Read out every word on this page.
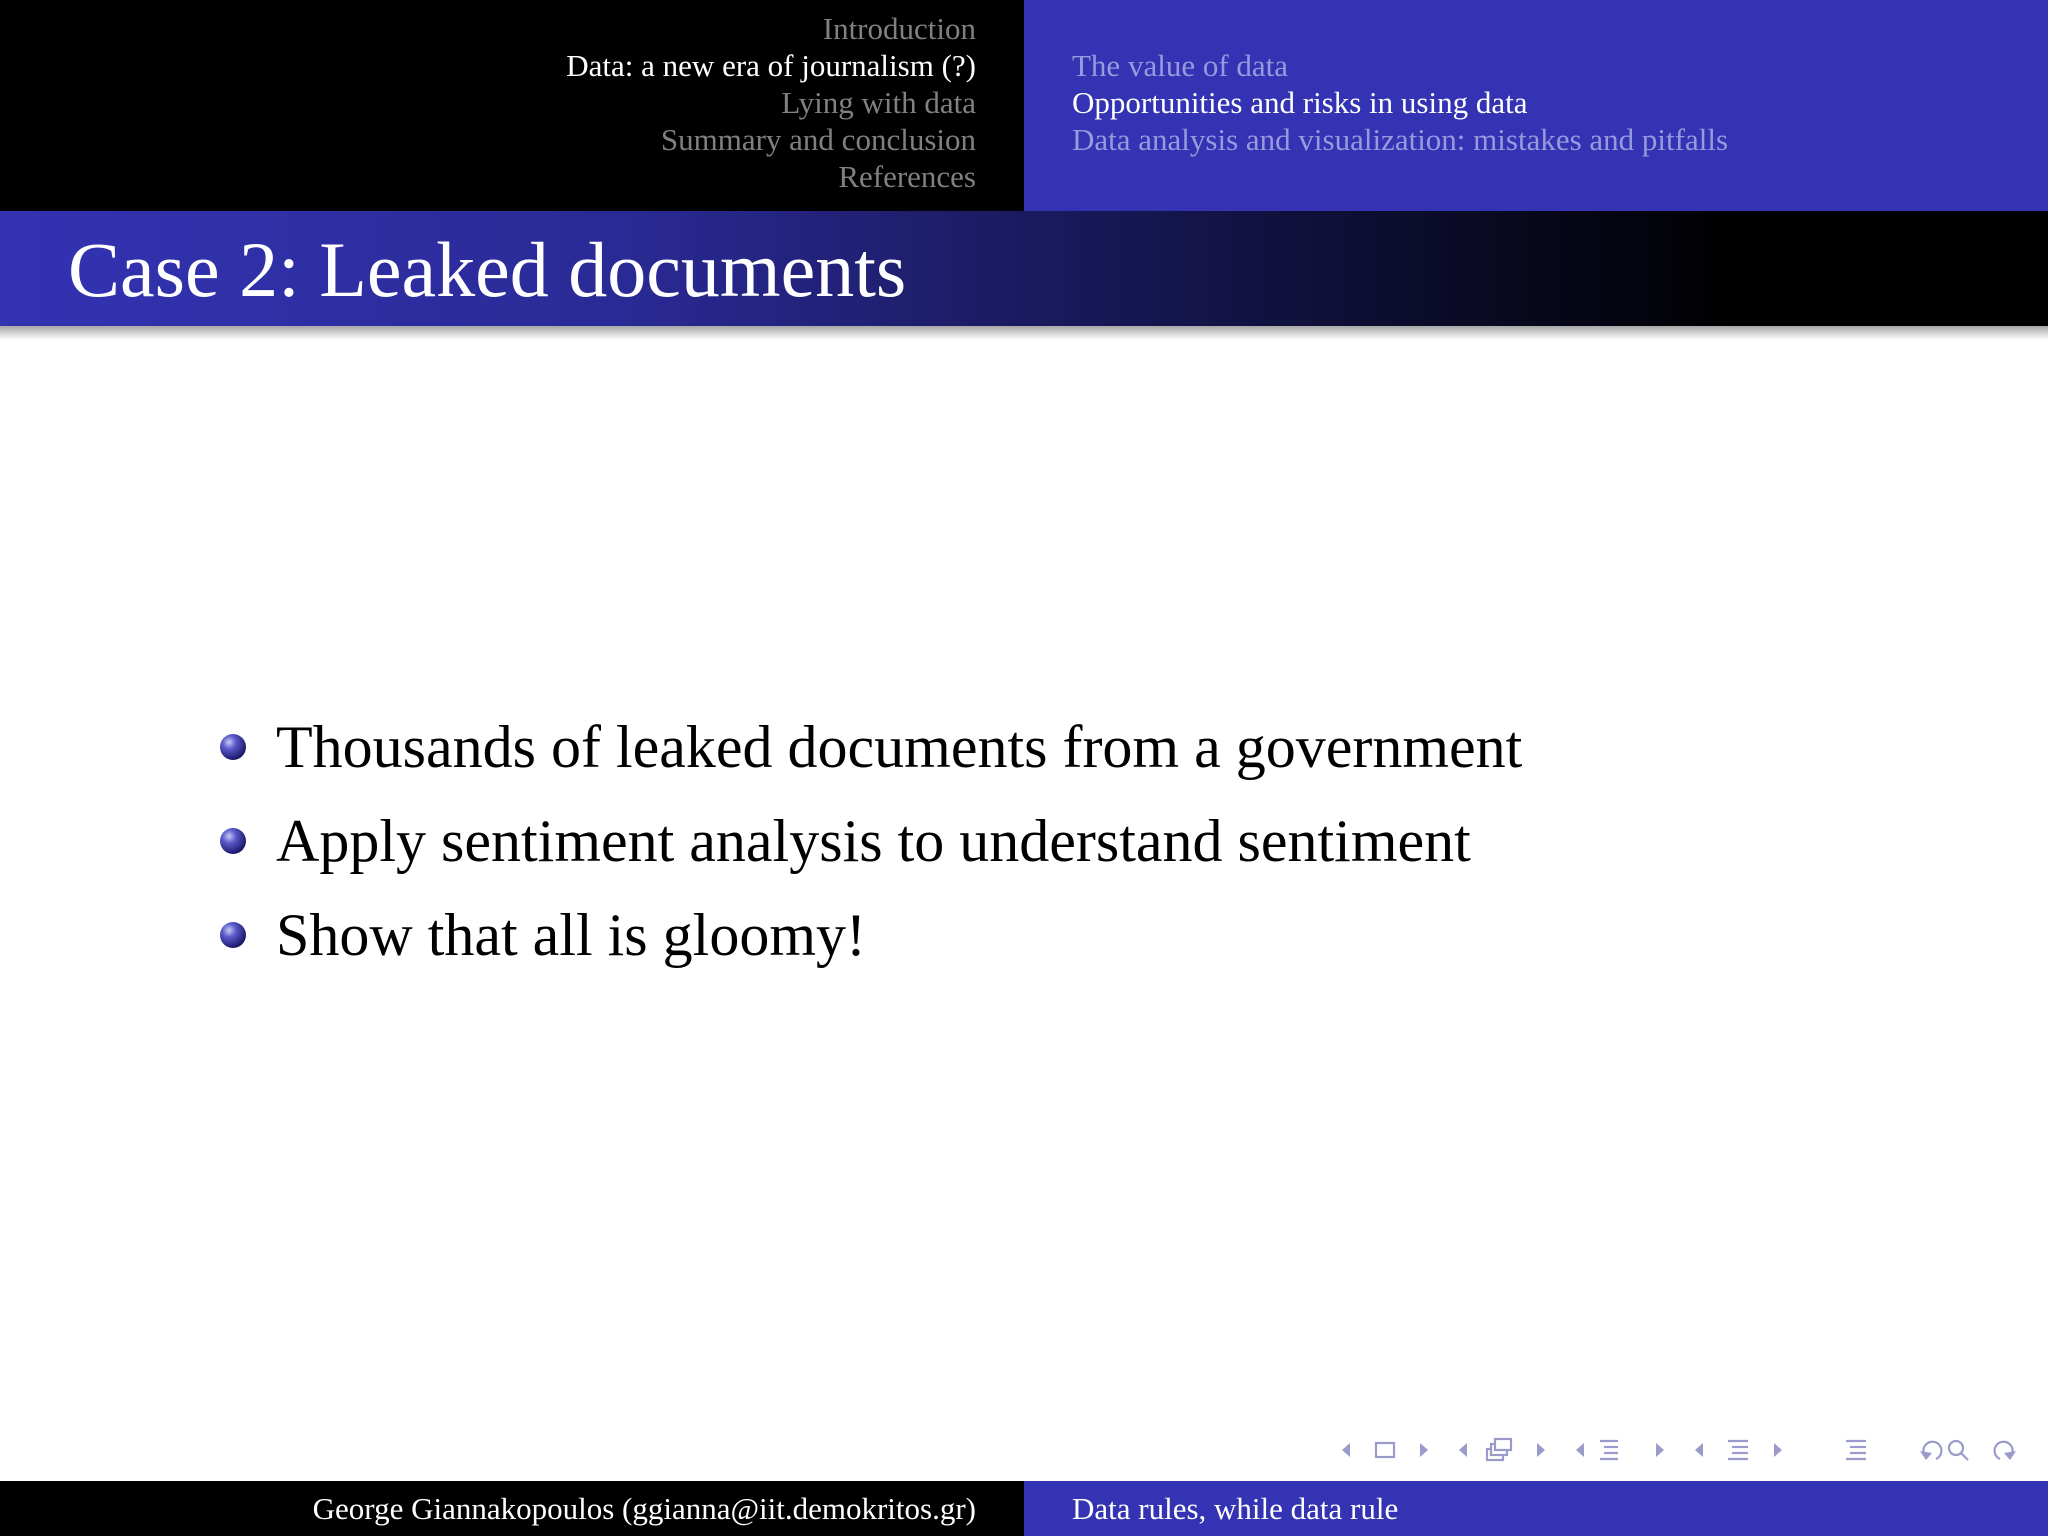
Introduction
Data: a new era of journalism (?)
Lying with data
Summary and conclusion
References
The value of data
Opportunities and risks in using data
Data analysis and visualization: mistakes and pitfalls
Case 2: Leaked documents
Thousands of leaked documents from a government
Apply sentiment analysis to understand sentiment
Show that all is gloomy!
George Giannakopoulos (ggianna@iit.demokritos.gr)	Data rules, while data rule
